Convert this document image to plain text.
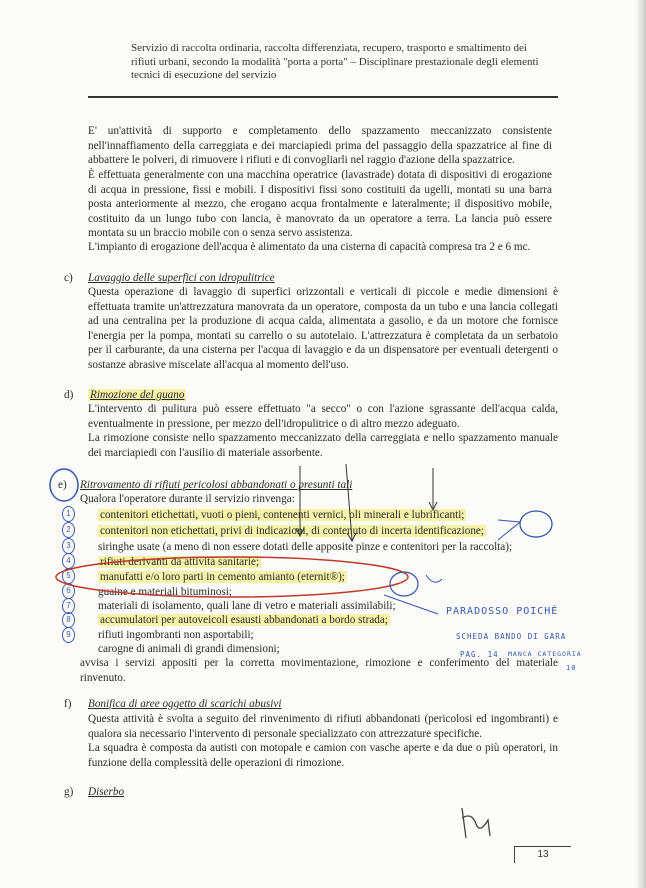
Servizio di raccolta ordinaria, raccolta differenziata, recupero, trasporto e smaltimento dei
rifiuti urbani, secondo la modalità "porta a porta" – Disciplinare prestazionale degli elementi
tecnici di esecuzione del servizio
E' un'attività di supporto e completamento dello spazzamento meccanizzato consistente nell'innaffiamento della carreggiata e dei marciapiedi prima del passaggio della spazzatrice al fine di abbattere le polveri, di rimuovere i rifiuti e di convogliarli nel raggio d'azione della spazzatrice.
È effettuata generalmente con una macchina operatrice (lavastrade) dotata di dispositivi di erogazione di acqua in pressione, fissi e mobili. I dispositivi fissi sono costituiti da ugelli, montati su una barra posta anteriormente al mezzo, che erogano acqua frontalmente e lateralmente; il dispositivo mobile, costituito da un lungo tubo con lancia, è manovrato da un operatore a terra. La lancia può essere montata su un braccio mobile con o senza servo assistenza.
L'impianto di erogazione dell'acqua è alimentato da una cisterna di capacità compresa tra 2 e 6 mc.
c) Lavaggio delle superfici con idropulitrice
Questa operazione di lavaggio di superfici orizzontali e verticali di piccole e medie dimensioni è effettuata tramite un'attrezzatura manovrata da un operatore, composta da un tubo e una lancia collegati ad una centralina per la produzione di acqua calda, alimentata a gasolio, e da un motore che fornisce l'energia per la pompa, montati su carrello o su autotelaio. L'attrezzatura è completata da un serbatoio per il carburante, da una cisterna per l'acqua di lavaggio e da un dispensatore per eventuali detergenti o sostanze abrasive miscelate all'acqua al momento dell'uso.
d) Rimozione del guano
L'intervento di pulitura può essere effettuato "a secco" o con l'azione sgrassante dell'acqua calda, eventualmente in pressione, per mezzo dell'idropulitrice o di altro mezzo adeguato.
La rimozione consiste nello spazzamento meccanizzato della carreggiata e nello spazzamento manuale dei marciapiedi con l'ausilio di materiale assorbente.
e) Ritrovamento di rifiuti pericolosi abbandonati o presunti tali
Qualora l'operatore durante il servizio rinvenga:
contenitori etichettati, vuoti o pieni, contenenti vernici, oli minerali e lubrificanti;
contenitori non etichettati, privi di indicazioni, di contenuto di incerta identificazione;
siringhe usate (a meno di non essere dotati delle apposite pinze e contenitori per la raccolta);
rifiuti derivanti da attività sanitarie;
manufatti e/o loro parti in cemento amianto (eternit®);
guaine e materiali bituminosi;
materiali di isolamento, quali lane di vetro e materiali assimilabili;
accumulatori per autoveicoli esausti abbandonati a bordo strada;
rifiuti ingombranti non asportabili;
carogne di animali di grandi dimensioni;
avvisa i servizi appositi per la corretta movimentazione, rimozione e conferimento del materiale rinvenuto.
f) Bonifica di aree oggetto di scarichi abusivi
Questa attività è svolta a seguito del rinvenimento di rifiuti abbandonati (pericolosi ed ingombranti) e qualora sia necessario l'intervento di personale specializzato con attrezzature specifiche.
La squadra è composta da autisti con motopale e camion con vasche aperte e da due o più operatori, in funzione della complessità delle operazioni di rimozione.
g) Diserbo
1
2
3
4
5
6
7
8
9
PARADOSSO POICHÉ
SCHEDA BANDO DI GARA
PAG. 14 MANCA CATEGORIA
10
13
